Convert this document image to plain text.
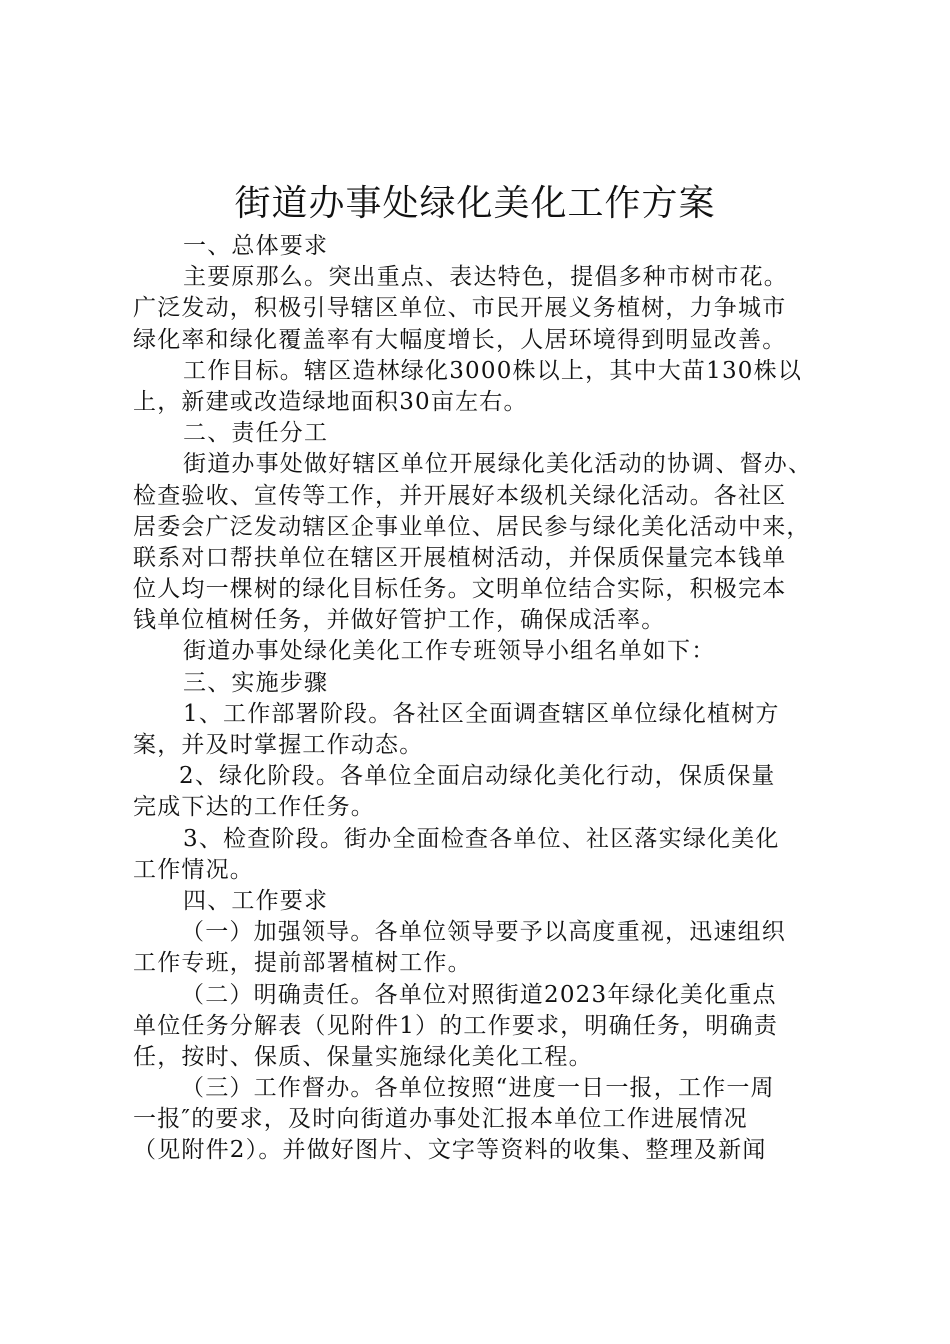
街道办事处绿化美化工作方案
一、总体要求
主要原那么。突出重点、表达特色，提倡多种市树市花。
广泛发动，积极引导辖区单位、市民开展义务植树，力争城市
绿化率和绿化覆盖率有大幅度增长，人居环境得到明显改善。
工作目标。辖区造林绿化3000株以上，其中大苗130株以
上，新建或改造绿地面积30亩左右。
二、责任分工
街道办事处做好辖区单位开展绿化美化活动的协调、督办、
检查验收、宣传等工作，并开展好本级机关绿化活动。各社区
居委会广泛发动辖区企事业单位、居民参与绿化美化活动中来，
联系对口帮扶单位在辖区开展植树活动，并保质保量完本钱单
位人均一棵树的绿化目标任务。文明单位结合实际，积极完本
钱单位植树任务，并做好管护工作，确保成活率。
街道办事处绿化美化工作专班领导小组名单如下：
三、实施步骤
1、工作部署阶段。各社区全面调查辖区单位绿化植树方
案，并及时掌握工作动态。
2、绿化阶段。各单位全面启动绿化美化行动，保质保量
完成下达的工作任务。
3、检查阶段。街办全面检查各单位、社区落实绿化美化
工作情况。
四、工作要求
（一）加强领导。各单位领导要予以高度重视，迅速组织
工作专班，提前部署植树工作。
（二）明确责任。各单位对照街道2023年绿化美化重点
单位任务分解表（见附件1）的工作要求，明确任务，明确责
任，按时、保质、保量实施绿化美化工程。
（三）工作督办。各单位按照“进度一日一报，工作一周
一报″的要求，及时向街道办事处汇报本单位工作进展情况
（见附件2）。并做好图片、文字等资料的收集、整理及新闻
